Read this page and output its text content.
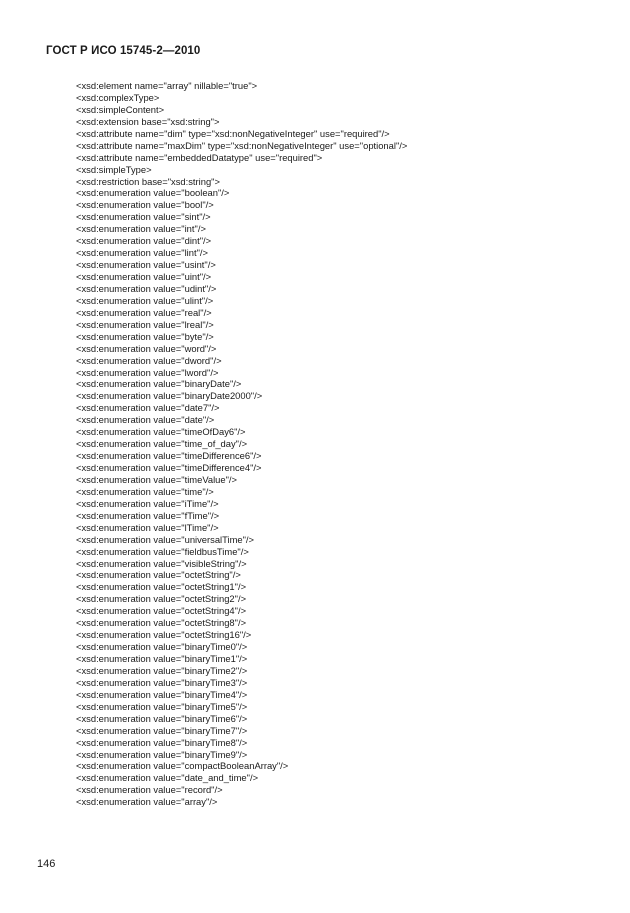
ГОСТ Р ИСО 15745-2—2010
<xsd:element name="array" nillable="true">
<xsd:complexType>
<xsd:simpleContent>
<xsd:extension base="xsd:string">
<xsd:attribute name="dim" type="xsd:nonNegativeInteger" use="required"/>
<xsd:attribute name="maxDim" type="xsd:nonNegativeInteger" use="optional"/>
<xsd:attribute name="embeddedDatatype" use="required">
<xsd:simpleType>
<xsd:restriction base="xsd:string">
<xsd:enumeration value="boolean"/>
<xsd:enumeration value="bool"/>
<xsd:enumeration value="sint"/>
<xsd:enumeration value="int"/>
<xsd:enumeration value="dint"/>
<xsd:enumeration value="lint"/>
<xsd:enumeration value="usint"/>
<xsd:enumeration value="uint"/>
<xsd:enumeration value="udint"/>
<xsd:enumeration value="ulint"/>
<xsd:enumeration value="real"/>
<xsd:enumeration value="lreal"/>
<xsd:enumeration value="byte"/>
<xsd:enumeration value="word"/>
<xsd:enumeration value="dword"/>
<xsd:enumeration value="lword"/>
<xsd:enumeration value="binaryDate"/>
<xsd:enumeration value="binaryDate2000"/>
<xsd:enumeration value="date7"/>
<xsd:enumeration value="date"/>
<xsd:enumeration value="timeOfDay6"/>
<xsd:enumeration value="time_of_day"/>
<xsd:enumeration value="timeDifference6"/>
<xsd:enumeration value="timeDifference4"/>
<xsd:enumeration value="timeValue"/>
<xsd:enumeration value="time"/>
<xsd:enumeration value="iTime"/>
<xsd:enumeration value="fTime"/>
<xsd:enumeration value="lTime"/>
<xsd:enumeration value="universalTime"/>
<xsd:enumeration value="fieldbusTime"/>
<xsd:enumeration value="visibleString"/>
<xsd:enumeration value="octetString"/>
<xsd:enumeration value="octetString1"/>
<xsd:enumeration value="octetString2"/>
<xsd:enumeration value="octetString4"/>
<xsd:enumeration value="octetString8"/>
<xsd:enumeration value="octetString16"/>
<xsd:enumeration value="binaryTime0"/>
<xsd:enumeration value="binaryTime1"/>
<xsd:enumeration value="binaryTime2"/>
<xsd:enumeration value="binaryTime3"/>
<xsd:enumeration value="binaryTime4"/>
<xsd:enumeration value="binaryTime5"/>
<xsd:enumeration value="binaryTime6"/>
<xsd:enumeration value="binaryTime7"/>
<xsd:enumeration value="binaryTime8"/>
<xsd:enumeration value="binaryTime9"/>
<xsd:enumeration value="compactBooleanArray"/>
<xsd:enumeration value="date_and_time"/>
<xsd:enumeration value="record"/>
<xsd:enumeration value="array"/>
146
